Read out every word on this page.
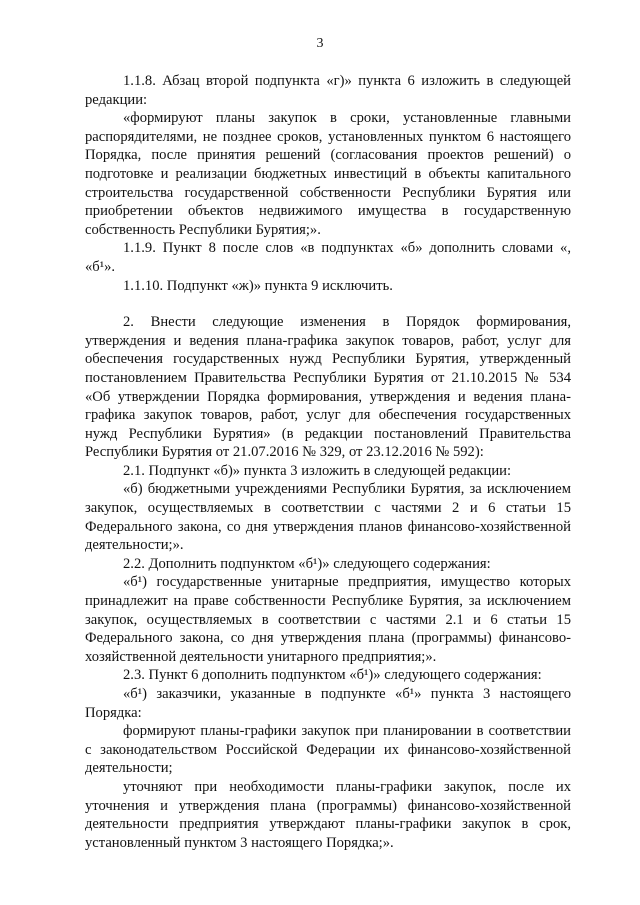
3

1.1.8. Абзац второй подпункта «г)» пункта 6 изложить в следующей редакции:

«формируют планы закупок в сроки, установленные главными распорядителями, не позднее сроков, установленных пунктом 6 настоящего Порядка, после принятия решений (согласования проектов решений) о подготовке и реализации бюджетных инвестиций в объекты капитального строительства государственной собственности Республики Бурятия или приобретении объектов недвижимого имущества в государственную собственность Республики Бурятия;».

1.1.9. Пункт 8 после слов «в подпунктах «б» дополнить словами «, «б¹».

1.1.10. Подпункт «ж)» пункта 9 исключить.

2. Внести следующие изменения в Порядок формирования, утверждения и ведения плана-графика закупок товаров, работ, услуг для обеспечения государственных нужд Республики Бурятия, утвержденный постановлением Правительства Республики Бурятия от 21.10.2015 № 534 «Об утверждении Порядка формирования, утверждения и ведения плана-графика закупок товаров, работ, услуг для обеспечения государственных нужд Республики Бурятия» (в редакции постановлений Правительства Республики Бурятия от 21.07.2016 № 329, от 23.12.2016 № 592):

2.1. Подпункт «б)» пункта 3 изложить в следующей редакции:

«б) бюджетными учреждениями Республики Бурятия, за исключением закупок, осуществляемых в соответствии с частями 2 и 6 статьи 15 Федерального закона, со дня утверждения планов финансово-хозяйственной деятельности;».

2.2. Дополнить подпунктом «б¹)» следующего содержания:

«б¹) государственные унитарные предприятия, имущество которых принадлежит на праве собственности Республике Бурятия, за исключением закупок, осуществляемых в соответствии с частями 2.1 и 6 статьи 15 Федерального закона, со дня утверждения плана (программы) финансово-хозяйственной деятельности унитарного предприятия;».

2.3. Пункт 6 дополнить подпунктом «б¹)» следующего содержания:

«б¹) заказчики, указанные в подпункте «б¹» пункта 3 настоящего Порядка:

формируют планы-графики закупок при планировании в соответствии с законодательством Российской Федерации их финансово-хозяйственной деятельности;

уточняют при необходимости планы-графики закупок, после их уточнения и утверждения плана (программы) финансово-хозяйственной деятельности предприятия утверждают планы-графики закупок в срок, установленный пунктом 3 настоящего Порядка;».
